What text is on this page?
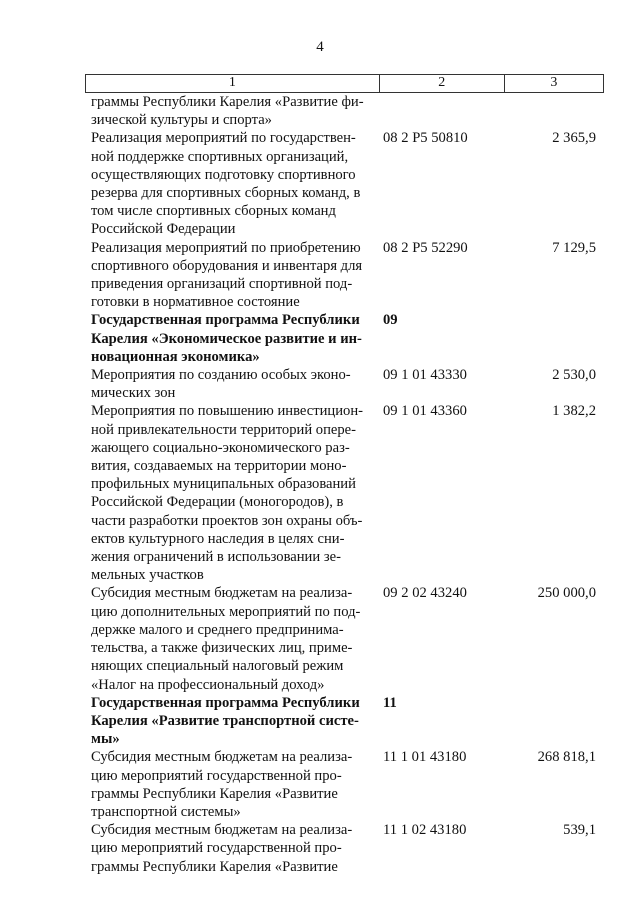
4
1	2	3
граммы Республики Карелия «Развитие фи-
зической культуры и спорта»
Реализация мероприятий по государствен-
ной поддержке спортивных организаций,
осуществляющих подготовку спортивного
резерва для спортивных сборных команд, в
том числе спортивных сборных команд
Российской Федерации
08 2 P5 50810	2 365,9
Реализация мероприятий по приобретению
спортивного оборудования и инвентаря для
приведения организаций спортивной под-
готовки в нормативное состояние
08 2 P5 52290	7 129,5
Государственная программа Республики
Карелия «Экономическое развитие и ин-
новационная экономика»
09
Мероприятия по созданию особых эконо-
мических зон
09 1 01 43330	2 530,0
Мероприятия по повышению инвестицион-
ной привлекательности территорий опере-
жающего социально-экономического раз-
вития, создаваемых на территории моно-
профильных муниципальных образований
Российской Федерации (моногородов), в
части разработки проектов зон охраны объ-
ектов культурного наследия в целях сни-
жения ограничений в использовании зе-
мельных участков
09 1 01 43360	1 382,2
Субсидия местным бюджетам на реализа-
цию дополнительных мероприятий по под-
держке малого и среднего предпринима-
тельства, а также физических лиц, приме-
няющих специальный налоговый режим
«Налог на профессиональный доход»
09 2 02 43240	250 000,0
Государственная программа Республики
Карелия «Развитие транспортной систе-
мы»
11
Субсидия местным бюджетам на реализа-
цию мероприятий государственной про-
граммы Республики Карелия «Развитие
транспортной системы»
11 1 01 43180	268 818,1
Субсидия местным бюджетам на реализа-
цию мероприятий государственной про-
граммы Республики Карелия «Развитие
11 1 02 43180	539,1
